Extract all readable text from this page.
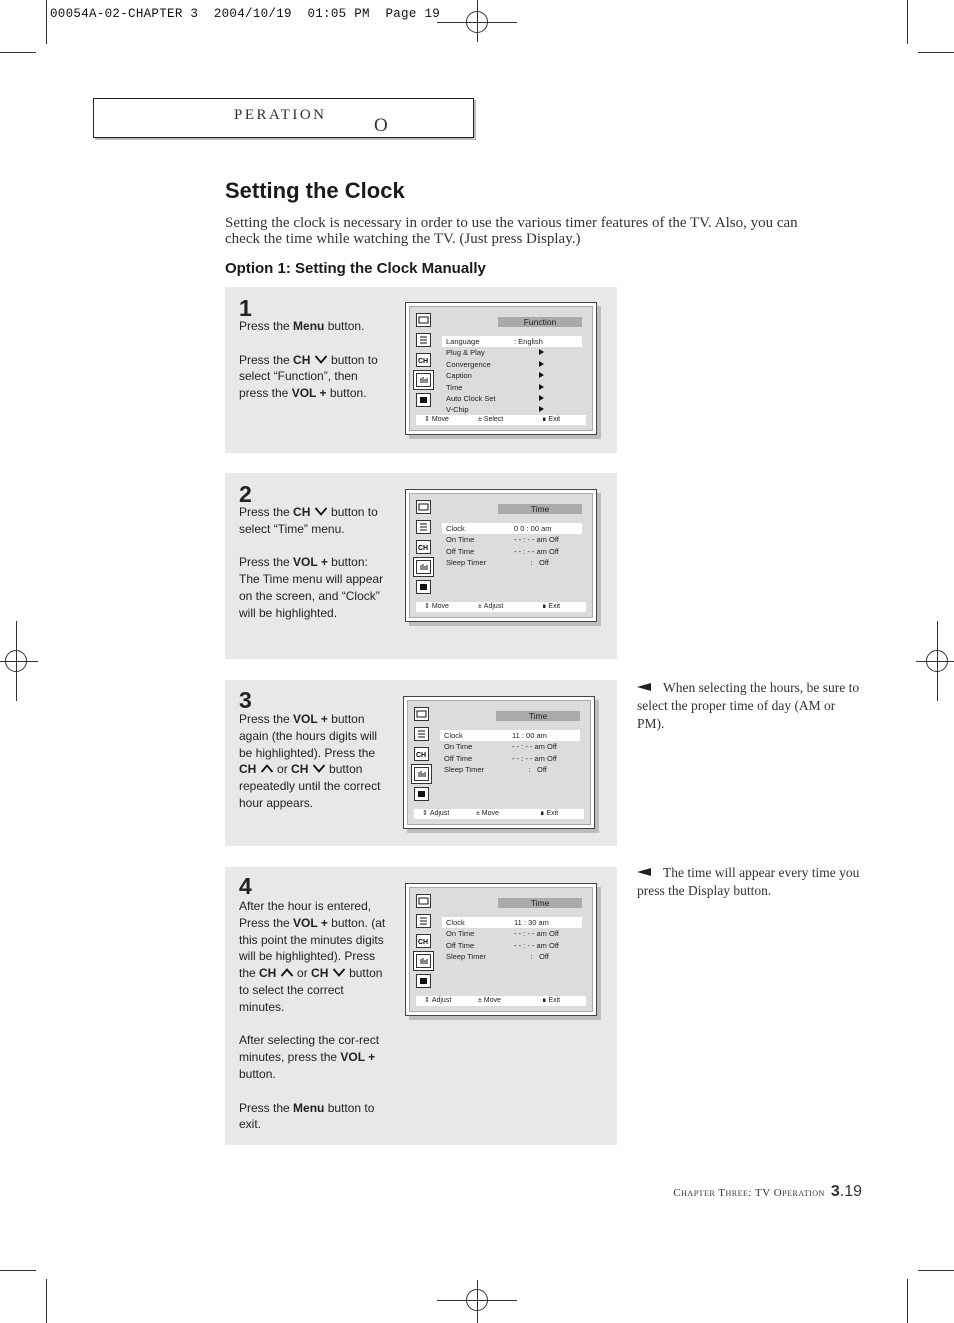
00054A-02-CHAPTER 3  2004/10/19  01:05 PM  Page 19
O
PERATION
Setting the Clock

Setting the clock is necessary in order to use the various timer features of the TV. Also, you can check the time while watching the TV. (Just press Display.)

Option 1: Setting the Clock Manually
1

Press the Menu button.

Press the CH  button to select “Function”, then press the VOL + button.

CH
Function
Language	: English
Plug & Play
Convergence
Caption
Time
Auto Clock Set
V-Chip
⇕ Move	± Select	∎ Exit
2

Press the CH  button to select “Time” menu.

Press the VOL + button: The Time menu will appear on the screen, and “Clock” will be highlighted.

CH
Time
Clock	0 0 : 00 am
On Time	- - : - - am Off
Off Time	- - : - - am Off
Sleep Timer	:   Off
⇕ Move	± Adjust	∎ Exit
3

Press the VOL + button again (the hours digits will be highlighted). Press the CH  or CH  button repeatedly until the correct hour appears.

CH
Time
Clock	11 : 00 am
On Time	- - : - - am Off
Off Time	- - : - - am Off
Sleep Timer	:   Off
⇕ Adjust	± Move	∎ Exit
4

After the hour is entered, Press the VOL + button. (at this point the minutes digits will be highlighted). Press the CH  or CH  button to select the correct minutes.

After selecting the cor-rect minutes, press the VOL + button.

Press the Menu button to exit.

CH
Time
Clock	11 : 30 am
On Time	- - : - - am Off
Off Time	- - : - - am Off
Sleep Timer	:   Off
⇕ Adjust	± Move	∎ Exit

When selecting the hours, be sure to select the proper time of day (AM or PM).

The time will appear every time you press the Display button.

Chapter Three: TV Operation 3.19
